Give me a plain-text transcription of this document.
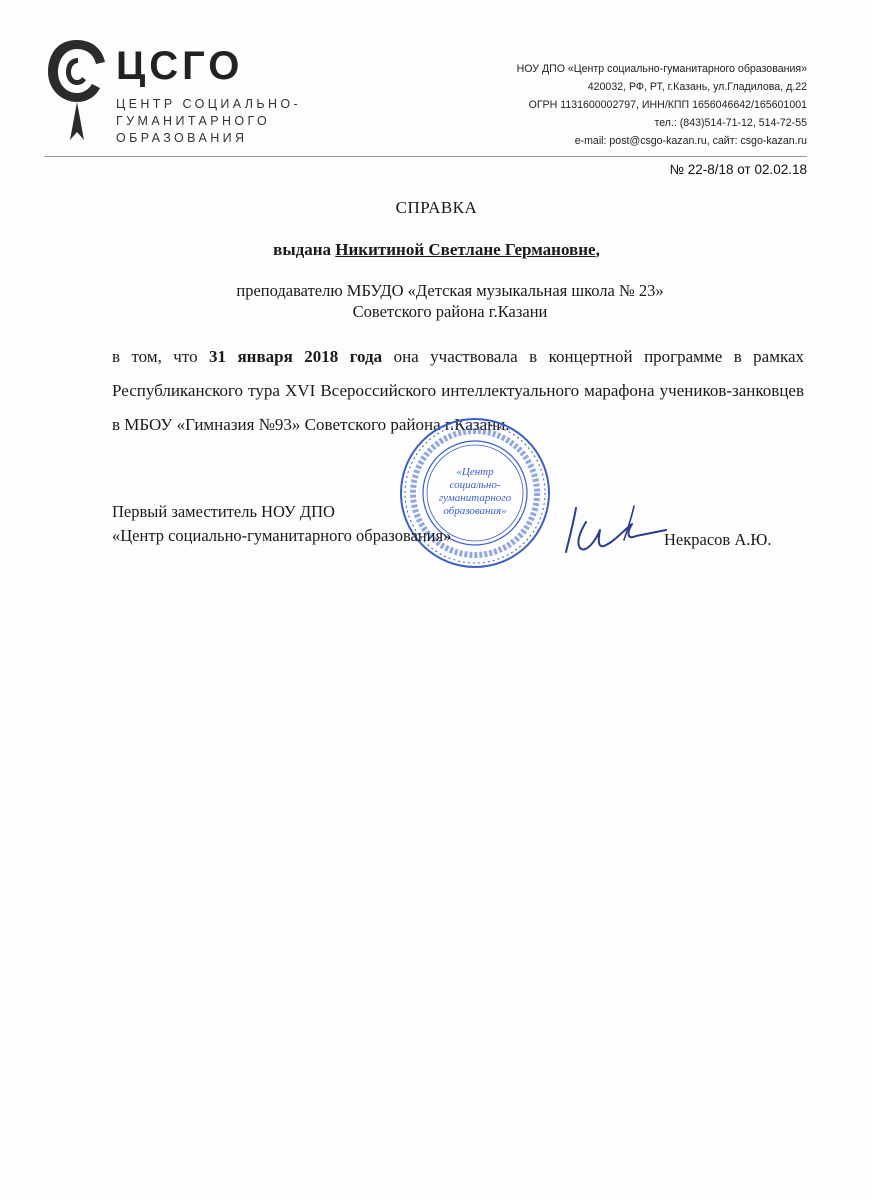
ЦСГО
ЦЕНТР СОЦИАЛЬНО-
ГУМАНИТАРНОГО
ОБРАЗОВАНИЯ
НОУ ДПО «Центр социально-гуманитарного образования»
420032, РФ, РТ, г.Казань, ул.Гладилова, д.22
ОГРН 1131600002797, ИНН/КПП 1656046642/165601001
тел.: (843)514-71-12, 514-72-55
e-mail: post@csgo-kazan.ru, сайт: csgo-kazan.ru
№ 22-8/18 от 02.02.18
СПРАВКА
выдана Никитиной Светлане Германовне,
преподавателю МБУДО «Детская музыкальная школа № 23»
Советского района г.Казани
в том, что 31 января 2018 года она участвовала в концертной программе в рамках Республиканского тура XVI Всероссийского интеллектуального марафона учеников-занковцев в МБОУ «Гимназия №93» Советского района г.Казани.
«Центр
социально-
гуманитарного
образования»
Первый заместитель НОУ ДПО
«Центр социально-гуманитарного образования»	Некрасов А.Ю.
